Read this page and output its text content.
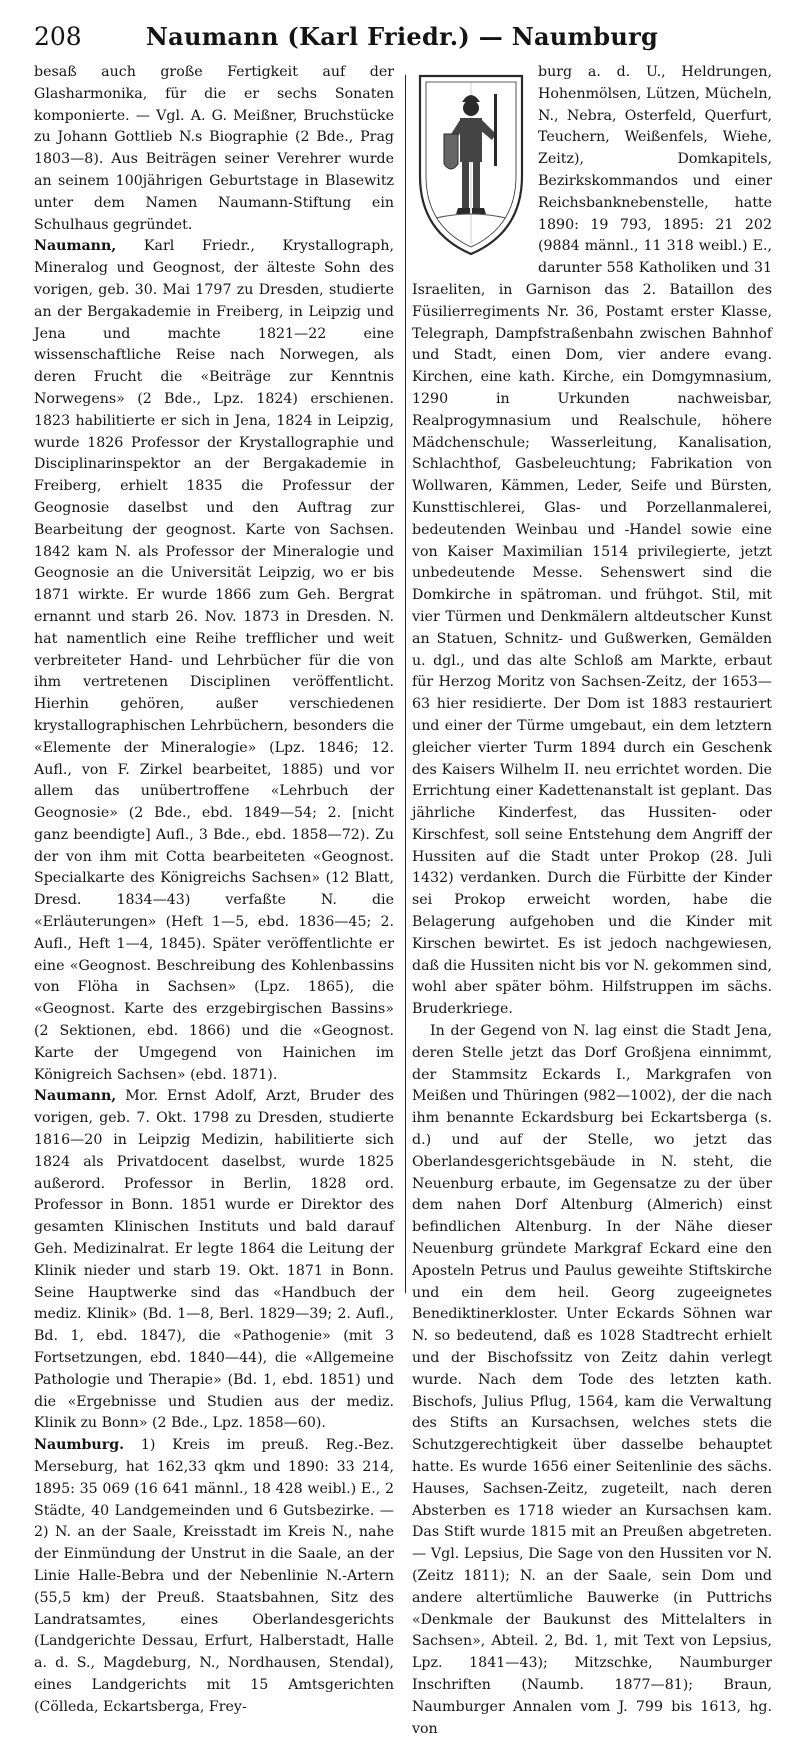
208	Naumann (Karl Friedr.) — Naumburg

besaß auch große Fertigkeit auf der Glasharmonika, für die er sechs Sonaten komponierte. — Vgl. A. G. Meißner, Bruchstücke zu Johann Gottlieb N.s Biographie (2 Bde., Prag 1803—8). Aus Beiträgen seiner Verehrer wurde an seinem 100jährigen Geburtstage in Blasewitz unter dem Namen Naumann-Stiftung ein Schulhaus gegründet.

Naumann, Karl Friedr., Krystallograph, Mineralog und Geognost, der älteste Sohn des vorigen, geb. 30. Mai 1797 zu Dresden, studierte an der Bergakademie in Freiberg, in Leipzig und Jena und machte 1821—22 eine wissenschaftliche Reise nach Norwegen, als deren Frucht die «Beiträge zur Kenntnis Norwegens» (2 Bde., Lpz. 1824) erschienen. 1823 habilitierte er sich in Jena, 1824 in Leipzig, wurde 1826 Professor der Krystallographie und Disciplinarinspektor an der Bergakademie in Freiberg, erhielt 1835 die Professur der Geognosie daselbst und den Auftrag zur Bearbeitung der geognost. Karte von Sachsen. 1842 kam N. als Professor der Mineralogie und Geognosie an die Universität Leipzig, wo er bis 1871 wirkte. Er wurde 1866 zum Geh. Bergrat ernannt und starb 26. Nov. 1873 in Dresden. N. hat namentlich eine Reihe trefflicher und weit verbreiteter Hand- und Lehrbücher für die von ihm vertretenen Disciplinen veröffentlicht. Hierhin gehören, außer verschiedenen krystallographischen Lehrbüchern, besonders die «Elemente der Mineralogie» (Lpz. 1846; 12. Aufl., von F. Zirkel bearbeitet, 1885) und vor allem das unübertroffene «Lehrbuch der Geognosie» (2 Bde., ebd. 1849—54; 2. [nicht ganz beendigte] Aufl., 3 Bde., ebd. 1858—72). Zu der von ihm mit Cotta bearbeiteten «Geognost. Specialkarte des Königreichs Sachsen» (12 Blatt, Dresd. 1834—43) verfaßte N. die «Erläuterungen» (Heft 1—5, ebd. 1836—45; 2. Aufl., Heft 1—4, 1845). Später veröffentlichte er eine «Geognost. Beschreibung des Kohlenbassins von Flöha in Sachsen» (Lpz. 1865), die «Geognost. Karte des erzgebirgischen Bassins» (2 Sektionen, ebd. 1866) und die «Geognost. Karte der Umgegend von Hainichen im Königreich Sachsen» (ebd. 1871).

Naumann, Mor. Ernst Adolf, Arzt, Bruder des vorigen, geb. 7. Okt. 1798 zu Dresden, studierte 1816—20 in Leipzig Medizin, habilitierte sich 1824 als Privatdocent daselbst, wurde 1825 außerord. Professor in Berlin, 1828 ord. Professor in Bonn. 1851 wurde er Direktor des gesamten Klinischen Instituts und bald darauf Geh. Medizinalrat. Er legte 1864 die Leitung der Klinik nieder und starb 19. Okt. 1871 in Bonn. Seine Hauptwerke sind das «Handbuch der mediz. Klinik» (Bd. 1—8, Berl. 1829—39; 2. Aufl., Bd. 1, ebd. 1847), die «Pathogenie» (mit 3 Fortsetzungen, ebd. 1840—44), die «Allgemeine Pathologie und Therapie» (Bd. 1, ebd. 1851) und die «Ergebnisse und Studien aus der mediz. Klinik zu Bonn» (2 Bde., Lpz. 1858—60).

Naumburg. 1) Kreis im preuß. Reg.-Bez. Merseburg, hat 162,33 qkm und 1890: 33 214, 1895: 35 069 (16 641 männl., 18 428 weibl.) E., 2 Städte, 40 Landgemeinden und 6 Gutsbezirke. — 2) N. an der Saale, Kreisstadt im Kreis N., nahe der Einmündung der Unstrut in die Saale, an der Linie Halle-Bebra und der Nebenlinie N.-Artern (55,5 km) der Preuß. Staatsbahnen, Sitz des Landratsamtes, eines Oberlandesgerichts (Landgerichte Dessau, Erfurt, Halberstadt, Halle a. d. S., Magdeburg, N., Nordhausen, Stendal), eines Landgerichts mit 15 Amtsgerichten (Cölleda, Eckartsberga, Frey-

burg a. d. U., Heldrungen, Hohenmölsen, Lützen, Mücheln, N., Nebra, Osterfeld, Querfurt, Teuchern, Weißenfels, Wiehe, Zeitz), Domkapitels, Bezirkskommandos und einer Reichsbanknebenstelle, hatte 1890: 19 793, 1895: 21 202 (9884 männl., 11 318 weibl.) E., darunter 558 Katholiken und 31 Israeliten, in Garnison das 2. Bataillon des Füsilierregiments Nr. 36, Postamt erster Klasse, Telegraph, Dampfstraßenbahn zwischen Bahnhof und Stadt, einen Dom, vier andere evang. Kirchen, eine kath. Kirche, ein Domgymnasium, 1290 in Urkunden nachweisbar, Realprogymnasium und Realschule, höhere Mädchenschule; Wasserleitung, Kanalisation, Schlachthof, Gasbeleuchtung; Fabrikation von Wollwaren, Kämmen, Leder, Seife und Bürsten, Kunsttischlerei, Glas- und Porzellanmalerei, bedeutenden Weinbau und -Handel sowie eine von Kaiser Maximilian 1514 privilegierte, jetzt unbedeutende Messe. Sehenswert sind die Domkirche in spätroman. und frühgot. Stil, mit vier Türmen und Denkmälern altdeutscher Kunst an Statuen, Schnitz- und Gußwerken, Gemälden u. dgl., und das alte Schloß am Markte, erbaut für Herzog Moritz von Sachsen-Zeitz, der 1653—63 hier residierte. Der Dom ist 1883 restauriert und einer der Türme umgebaut, ein dem letztern gleicher vierter Turm 1894 durch ein Geschenk des Kaisers Wilhelm II. neu errichtet worden. Die Errichtung einer Kadettenanstalt ist geplant. Das jährliche Kinderfest, das Hussiten- oder Kirschfest, soll seine Entstehung dem Angriff der Hussiten auf die Stadt unter Prokop (28. Juli 1432) verdanken. Durch die Fürbitte der Kinder sei Prokop erweicht worden, habe die Belagerung aufgehoben und die Kinder mit Kirschen bewirtet. Es ist jedoch nachgewiesen, daß die Hussiten nicht bis vor N. gekommen sind, wohl aber später böhm. Hilfstruppen im sächs. Bruderkriege.

In der Gegend von N. lag einst die Stadt Jena, deren Stelle jetzt das Dorf Großjena einnimmt, der Stammsitz Eckards I., Markgrafen von Meißen und Thüringen (982—1002), der die nach ihm benannte Eckardsburg bei Eckartsberga (s. d.) und auf der Stelle, wo jetzt das Oberlandesgerichtsgebäude in N. steht, die Neuenburg erbaute, im Gegensatze zu der über dem nahen Dorf Altenburg (Almerich) einst befindlichen Altenburg. In der Nähe dieser Neuenburg gründete Markgraf Eckard eine den Aposteln Petrus und Paulus geweihte Stiftskirche und ein dem heil. Georg zugeeignetes Benediktinerkloster. Unter Eckards Söhnen war N. so bedeutend, daß es 1028 Stadtrecht erhielt und der Bischofssitz von Zeitz dahin verlegt wurde. Nach dem Tode des letzten kath. Bischofs, Julius Pflug, 1564, kam die Verwaltung des Stifts an Kursachsen, welches stets die Schutzgerechtigkeit über dasselbe behauptet hatte. Es wurde 1656 einer Seitenlinie des sächs. Hauses, Sachsen-Zeitz, zugeteilt, nach deren Absterben es 1718 wieder an Kursachsen kam. Das Stift wurde 1815 mit an Preußen abgetreten. — Vgl. Lepsius, Die Sage von den Hussiten vor N. (Zeitz 1811); N. an der Saale, sein Dom und andere altertümliche Bauwerke (in Puttrichs «Denkmale der Baukunst des Mittelalters in Sachsen», Abteil. 2, Bd. 1, mit Text von Lepsius, Lpz. 1841—43); Mitzschke, Naumburger Inschriften (Naumb. 1877—81); Braun, Naumburger Annalen vom J. 799 bis 1613, hg. von
